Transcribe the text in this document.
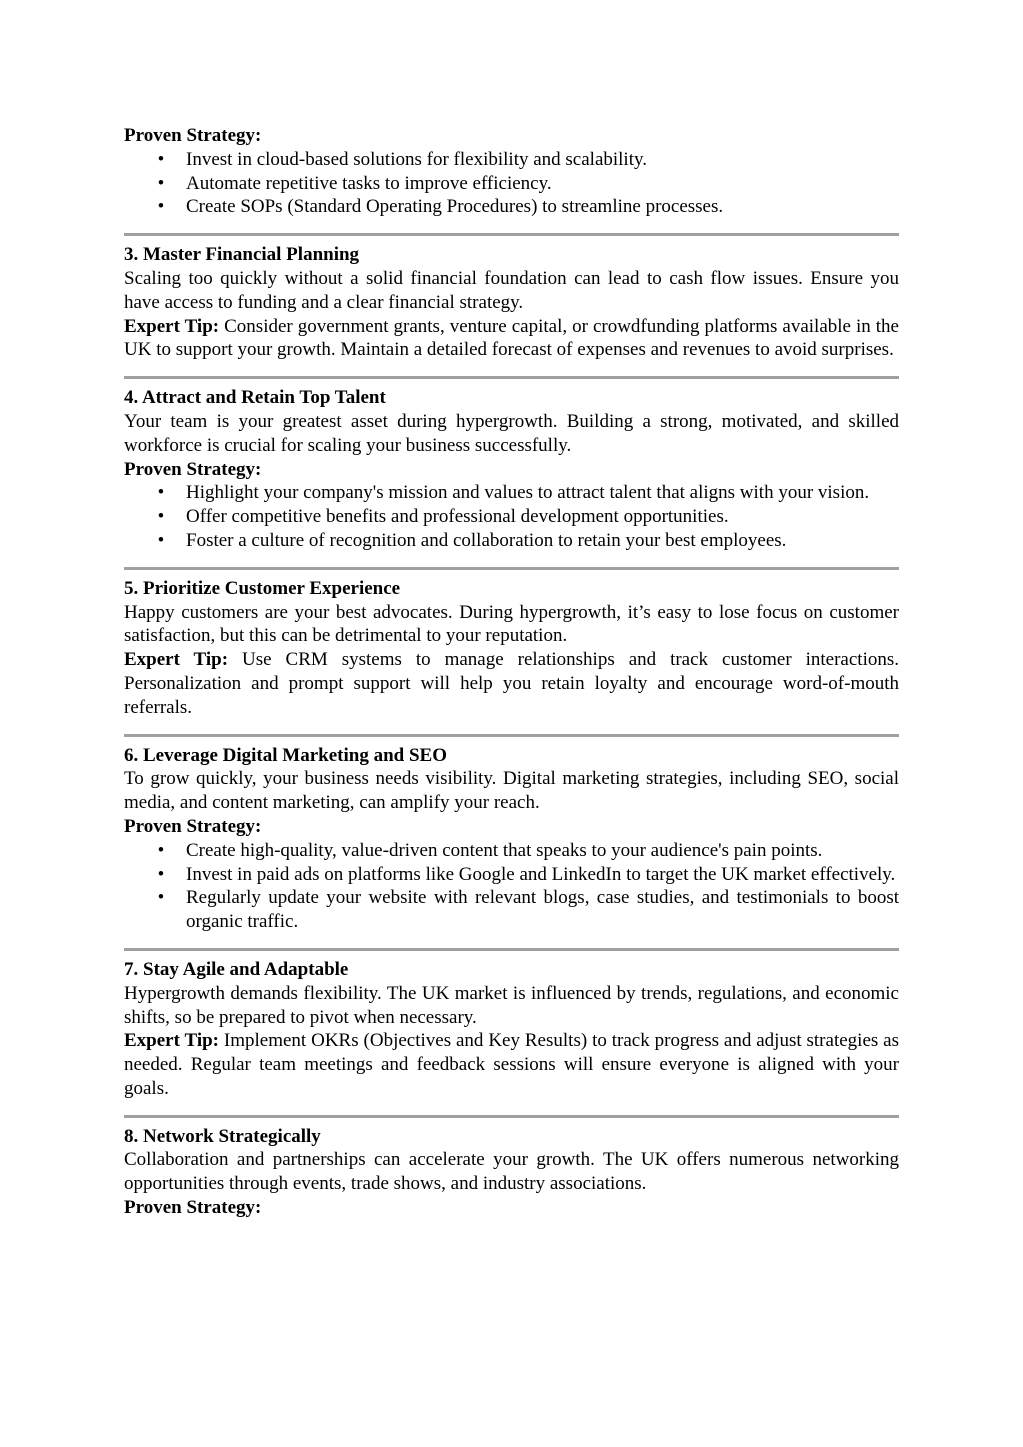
Proven Strategy:
• Invest in cloud-based solutions for flexibility and scalability.
• Automate repetitive tasks to improve efficiency.
• Create SOPs (Standard Operating Procedures) to streamline processes.
3. Master Financial Planning

Scaling too quickly without a solid financial foundation can lead to cash flow issues. Ensure you have access to funding and a clear financial strategy.

Expert Tip: Consider government grants, venture capital, or crowdfunding platforms available in the UK to support your growth. Maintain a detailed forecast of expenses and revenues to avoid surprises.

4. Attract and Retain Top Talent

Your team is your greatest asset during hypergrowth. Building a strong, motivated, and skilled workforce is crucial for scaling your business successfully.

Proven Strategy:
• Highlight your company's mission and values to attract talent that aligns with your vision.
• Offer competitive benefits and professional development opportunities.
• Foster a culture of recognition and collaboration to retain your best employees.
5. Prioritize Customer Experience

Happy customers are your best advocates. During hypergrowth, it’s easy to lose focus on customer satisfaction, but this can be detrimental to your reputation.

Expert Tip: Use CRM systems to manage relationships and track customer interactions. Personalization and prompt support will help you retain loyalty and encourage word-of-mouth referrals.

6. Leverage Digital Marketing and SEO

To grow quickly, your business needs visibility. Digital marketing strategies, including SEO, social media, and content marketing, can amplify your reach.

Proven Strategy:
• Create high-quality, value-driven content that speaks to your audience's pain points.
• Invest in paid ads on platforms like Google and LinkedIn to target the UK market effectively.
• Regularly update your website with relevant blogs, case studies, and testimonials to boost organic traffic.
7. Stay Agile and Adaptable

Hypergrowth demands flexibility. The UK market is influenced by trends, regulations, and economic shifts, so be prepared to pivot when necessary.

Expert Tip: Implement OKRs (Objectives and Key Results) to track progress and adjust strategies as needed. Regular team meetings and feedback sessions will ensure everyone is aligned with your goals.

8. Network Strategically

Collaboration and partnerships can accelerate your growth. The UK offers numerous networking opportunities through events, trade shows, and industry associations.

Proven Strategy:
